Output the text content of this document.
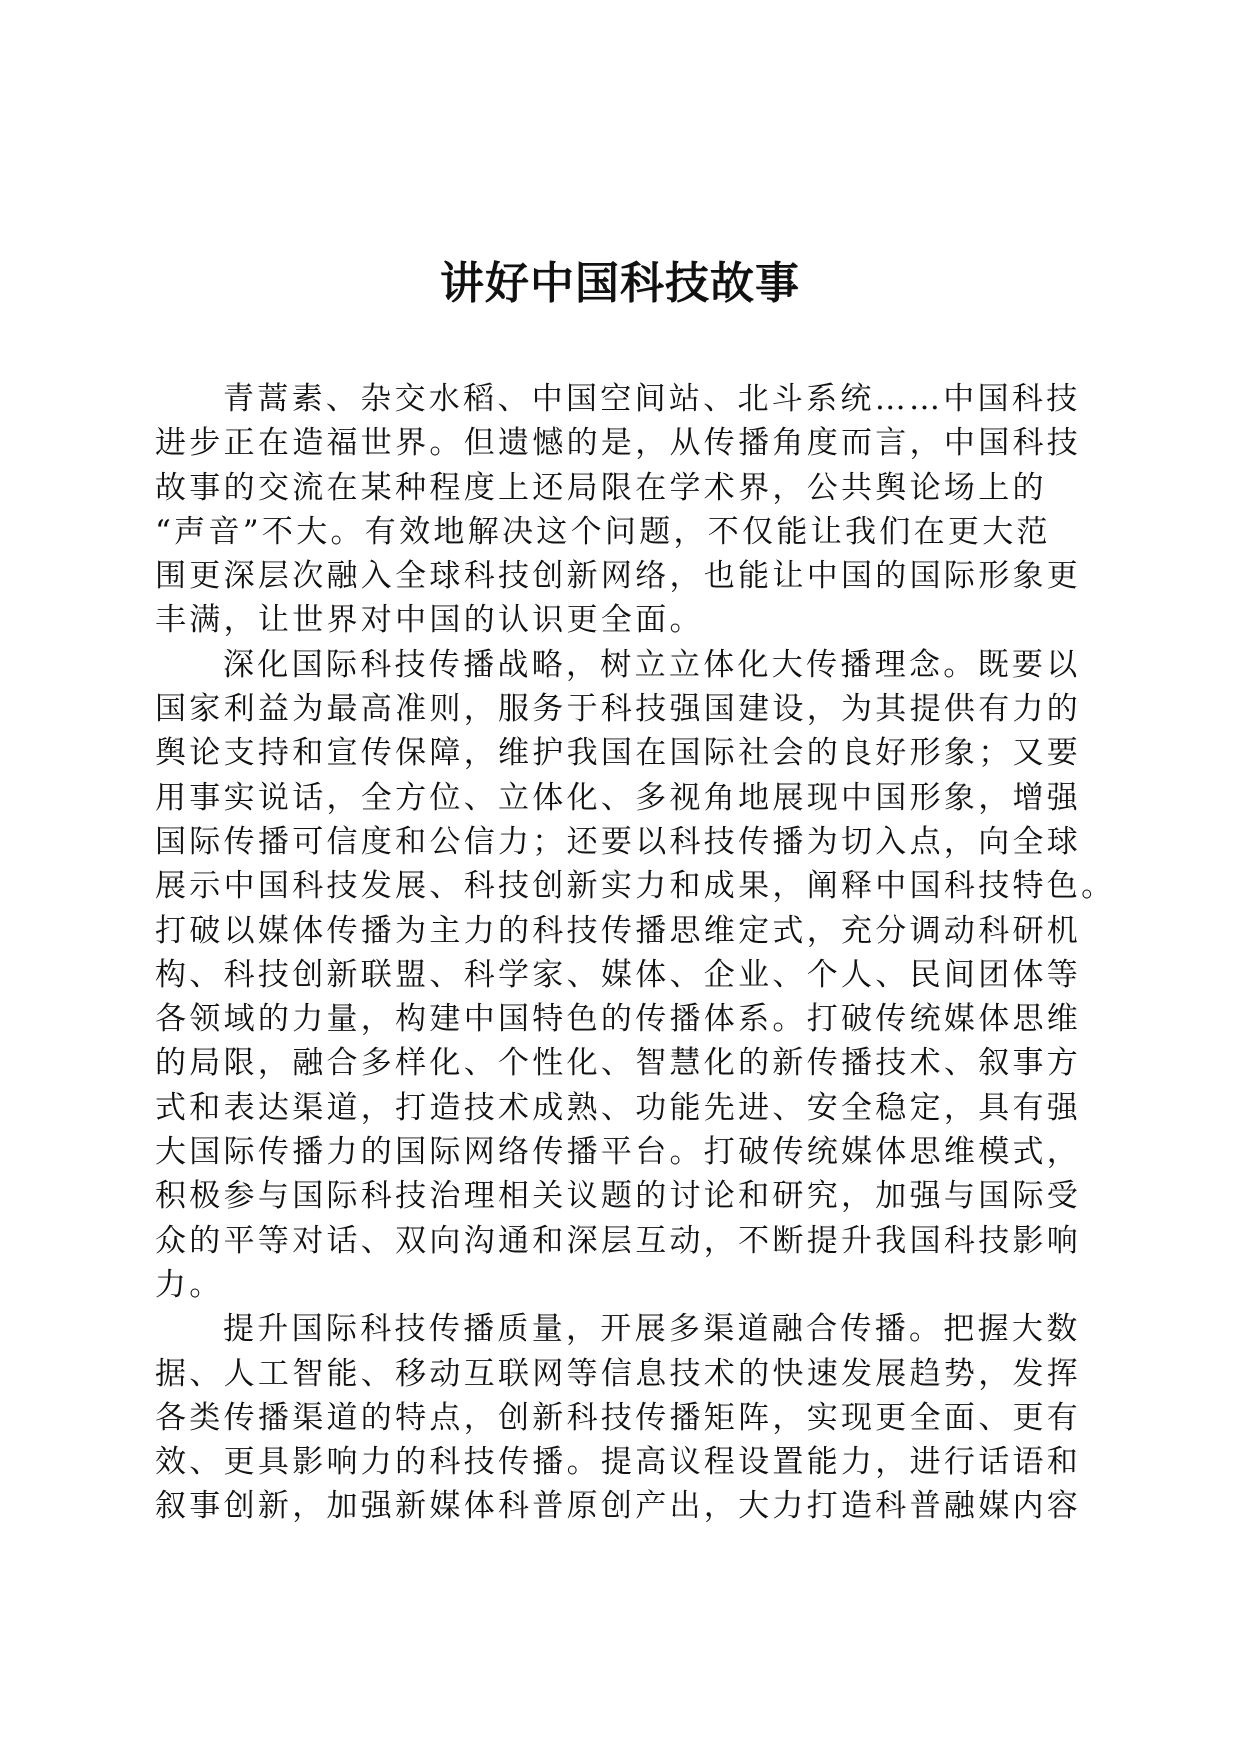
讲好中国科技故事

青蒿素、杂交水稻、中国空间站、北斗系统……中国科技
进步正在造福世界。但遗憾的是，从传播角度而言，中国科技
故事的交流在某种程度上还局限在学术界，公共舆论场上的
“声音”不大。有效地解决这个问题，不仅能让我们在更大范
围更深层次融入全球科技创新网络，也能让中国的国际形象更
丰满，让世界对中国的认识更全面。

深化国际科技传播战略，树立立体化大传播理念。既要以
国家利益为最高准则，服务于科技强国建设，为其提供有力的
舆论支持和宣传保障，维护我国在国际社会的良好形象；又要
用事实说话，全方位、立体化、多视角地展现中国形象，增强
国际传播可信度和公信力；还要以科技传播为切入点，向全球
展示中国科技发展、科技创新实力和成果，阐释中国科技特色。
打破以媒体传播为主力的科技传播思维定式，充分调动科研机
构、科技创新联盟、科学家、媒体、企业、个人、民间团体等
各领域的力量，构建中国特色的传播体系。打破传统媒体思维
的局限，融合多样化、个性化、智慧化的新传播技术、叙事方
式和表达渠道，打造技术成熟、功能先进、安全稳定，具有强
大国际传播力的国际网络传播平台。打破传统媒体思维模式，
积极参与国际科技治理相关议题的讨论和研究，加强与国际受
众的平等对话、双向沟通和深层互动，不断提升我国科技影响
力。

提升国际科技传播质量，开展多渠道融合传播。把握大数
据、人工智能、移动互联网等信息技术的快速发展趋势，发挥
各类传播渠道的特点，创新科技传播矩阵，实现更全面、更有
效、更具影响力的科技传播。提高议程设置能力，进行话语和
叙事创新，加强新媒体科普原创产出，大力打造科普融媒内容
